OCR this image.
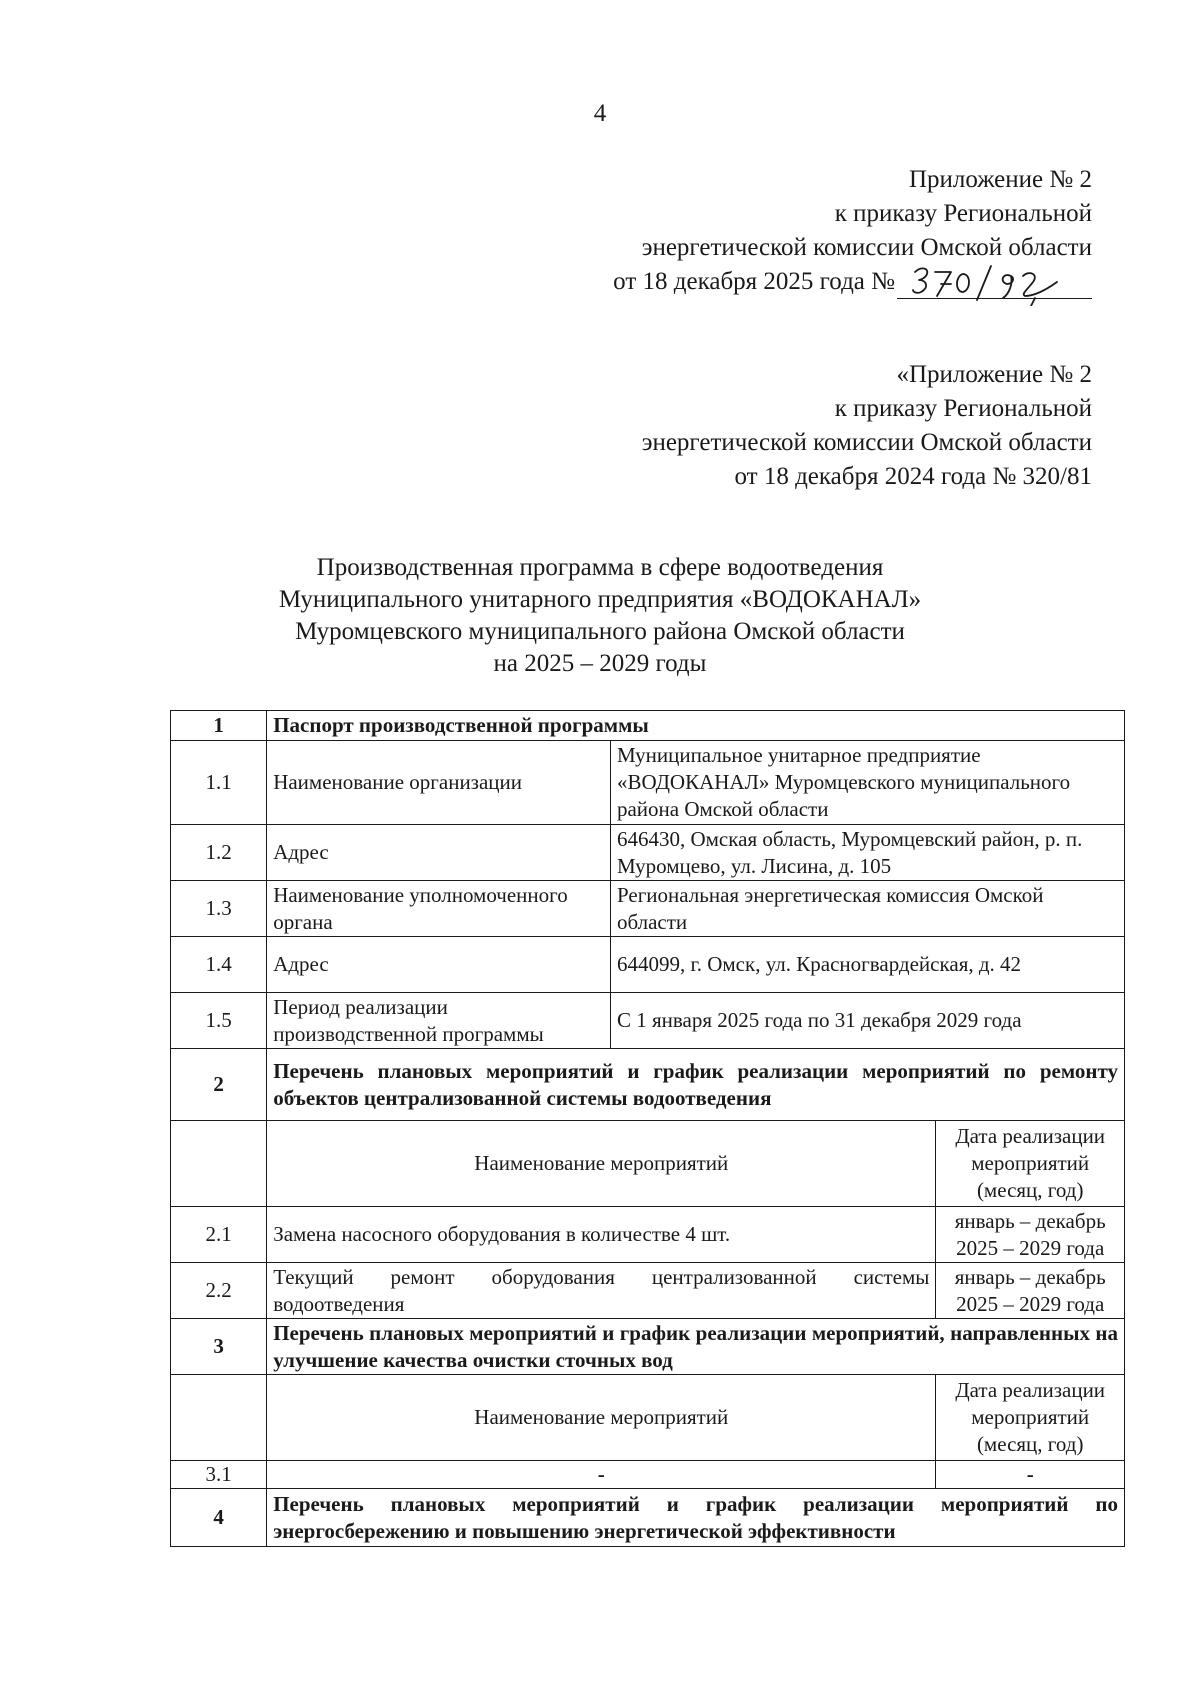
4
Приложение № 2
к приказу Региональной
энергетической комиссии Омской области
от 18 декабря 2025 года №
«Приложение № 2
к приказу Региональной
энергетической комиссии Омской области
от 18 декабря 2024 года № 320/81
Производственная программа в сфере водоотведения
Муниципального унитарного предприятия «ВОДОКАНАЛ»
Муромцевского муниципального района Омской области
на 2025 – 2029 годы
1	Паспорт производственной программы		
1.1	Наименование организации	Муниципальное унитарное предприятие «ВОДОКАНАЛ» Муромцевского муниципального района Омской области	
1.2	Адрес	646430, Омская область, Муромцевский район, р. п. Муромцево, ул. Лисина, д. 105	
1.3	Наименование уполномоченного органа	Региональная энергетическая комиссия Омской области	
1.4	Адрес	644099, г. Омск, ул. Красногвардейская, д. 42	
1.5	Период реализации производственной программы	С 1 января 2025 года по 31 декабря 2029 года	
2	Перечень плановых мероприятий и график реализации мероприятий по ремонту объектов централизованной системы водоотведения		
	Наименование мероприятий		Дата реализации мероприятий (месяц, год)
2.1	Замена насосного оборудования в количестве 4 шт.		январь – декабрь 2025 – 2029 года
2.2	Текущий ремонт оборудования централизованной системы водоотведения		январь – декабрь 2025 – 2029 года
3	Перечень плановых мероприятий и график реализации мероприятий, направленных на улучшение качества очистки сточных вод		
	Наименование мероприятий		Дата реализации мероприятий (месяц, год)
3.1	-		-
4	Перечень плановых мероприятий и график реализации мероприятий по энергосбережению и повышению энергетической эффективности		
